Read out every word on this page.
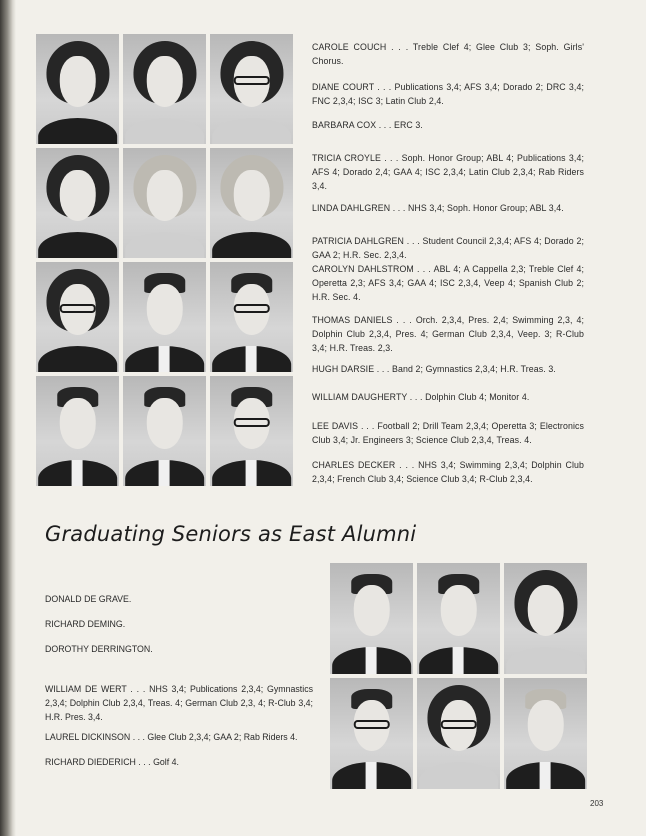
CAROLE COUCH . . . Treble Clef 4; Glee Club 3; Soph. Girls' Chorus.

DIANE COURT . . . Publications 3,4; AFS 3,4; Dorado 2; DRC 3,4; FNC 2,3,4; ISC 3; Latin Club 2,4.

BARBARA COX . . . ERC 3.

TRICIA CROYLE . . . Soph. Honor Group; ABL 4; Publications 3,4; AFS 4; Dorado 2,4; GAA 4; ISC 2,3,4; Latin Club 2,3,4; Rab Riders 3,4.

LINDA DAHLGREN . . . NHS 3,4; Soph. Honor Group; ABL 3,4.

PATRICIA DAHLGREN . . . Student Council 2,3,4; AFS 4; Dorado 2; GAA 2; H.R. Sec. 2,3,4.

CAROLYN DAHLSTROM . . . ABL 4; A Cappella 2,3; Treble Clef 4; Operetta 2,3; AFS 3,4; GAA 4; ISC 2,3,4, Veep 4; Spanish Club 2; H.R. Sec. 4.

THOMAS DANIELS . . . Orch. 2,3,4, Pres. 2,4; Swimming 2,3, 4; Dolphin Club 2,3,4, Pres. 4; German Club 2,3,4, Veep. 3; R-Club 3,4; H.R. Treas. 2,3.

HUGH DARSIE . . . Band 2; Gymnastics 2,3,4; H.R. Treas. 3.

WILLIAM DAUGHERTY . . . Dolphin Club 4; Monitor 4.

LEE DAVIS . . . Football 2; Drill Team 2,3,4; Operetta 3; Electronics Club 3,4; Jr. Engineers 3; Science Club 2,3,4, Treas. 4.

CHARLES DECKER . . . NHS 3,4; Swimming 2,3,4; Dolphin Club 2,3,4; French Club 3,4; Science Club 3,4; R-Club 2,3,4.

Graduating Seniors as East Alumni

DONALD DE GRAVE.

RICHARD DEMING.

DOROTHY DERRINGTON.

WILLIAM DE WERT . . . NHS 3,4; Publications 2,3,4; Gymnastics 2,3,4; Dolphin Club 2,3,4, Treas. 4; German Club 2,3, 4; R-Club 3,4; H.R. Pres. 3,4.

LAUREL DICKINSON . . . Glee Club 2,3,4; GAA 2; Rab Riders 4.

RICHARD DIEDERICH . . . Golf 4.

203
